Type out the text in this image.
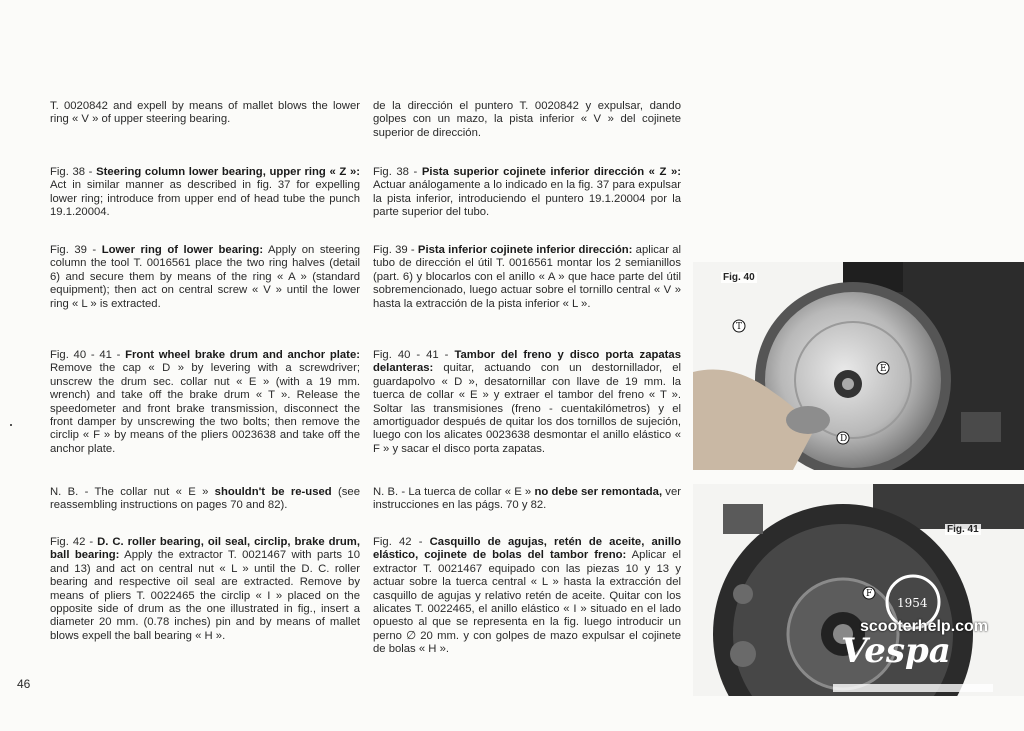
T. 0020842 and expell by means of mallet blows the lower ring « V » of upper steering bearing.

Fig. 38 - Steering column lower bearing, upper ring « Z »: Act in similar manner as described in fig. 37 for expelling lower ring; introduce from upper end of head tube the punch 19.1.20004.

Fig. 39 - Lower ring of lower bearing: Apply on steering column the tool T. 0016561 place the two ring halves (detail 6) and secure them by means of the ring « A » (standard equipment); then act on central screw « V » until the lower ring « L » is extracted.

Fig. 40 - 41 - Front wheel brake drum and anchor plate: Remove the cap « D » by levering with a screwdriver; unscrew the drum sec. collar nut « E » (with a 19 mm. wrench) and take off the brake drum « T ». Release the speedometer and front brake transmission, disconnect the front damper by unscrewing the two bolts; then remove the circlip « F » by means of the pliers 0023638 and take off the anchor plate.

N. B. - The collar nut « E » shouldn't be re-used (see reassembling instructions on pages 70 and 82).

Fig. 42 - D. C. roller bearing, oil seal, circlip, brake drum, ball bearing: Apply the extractor T. 0021467 with parts 10 and 13) and act on central nut « L » until the D. C. roller bearing and respective oil seal are extracted. Remove by means of pliers T. 0022465 the circlip « I » placed on the opposite side of drum as the one illustrated in fig., insert a diameter 20 mm. (0.78 inches) pin and by means of mallet blows expell the ball bearing « H ».

de la dirección el puntero T. 0020842 y expulsar, dando golpes con un mazo, la pista inferior « V » del cojinete superior de dirección.

Fig. 38 - Pista superior cojinete inferior dirección « Z »: Actuar análogamente a lo indicado en la fig. 37 para expulsar la pista inferior, introduciendo el puntero 19.1.20004 por la parte superior del tubo.

Fig. 39 - Pista inferior cojinete inferior dirección: aplicar al tubo de dirección el útil T. 0016561 montar los 2 semianillos (part. 6) y blocarlos con el anillo « A » que hace parte del útil sobremencionado, luego actuar sobre el tornillo central « V » hasta la extracción de la pista inferior « L ».

Fig. 40 - 41 - Tambor del freno y disco porta zapatas delanteras: quitar, actuando con un destornillador, el guardapolvo « D », desatornillar con llave de 19 mm. la tuerca de collar « E » y extraer el tambor del freno « T ». Soltar las transmisiones (freno - cuentakilómetros) y el amortiguador después de quitar los dos tornillos de sujeción, luego con los alicates 0023638 desmontar el anillo elástico « F » y sacar el disco porta zapatas.

N. B. - La tuerca de collar « E » no debe ser remontada, ver instrucciones en las págs. 70 y 82.

Fig. 42 - Casquillo de agujas, retén de aceite, anillo elástico, cojinete de bolas del tambor freno: Aplicar el extractor T. 0021467 equipado con las piezas 10 y 13 y actuar sobre la tuerca central « L » hasta la extracción del casquillo de agujas y relativo retén de aceite. Quitar con los alicates T. 0022465, el anillo elástico « I » situado en el lado opuesto al que se representa en la fig. luego introducir un perno ∅ 20 mm. y con golpes de mazo expulsar el cojinete de bolas « H ».

46
T
E
D
Fig. 40
F
1954
Vespa
Fig. 41
scooterhelp.com
